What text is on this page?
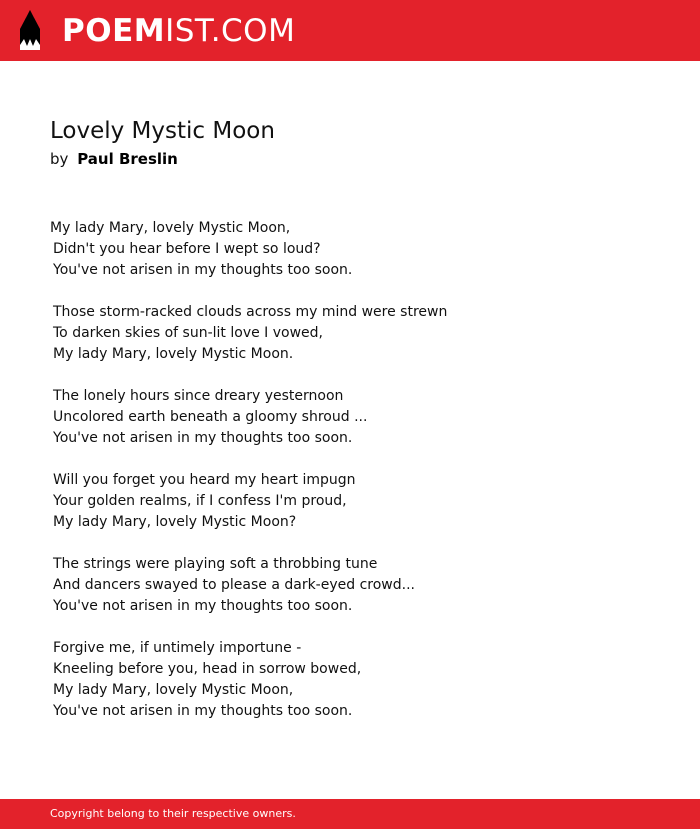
POEMIST.COM
Lovely Mystic Moon
by Paul Breslin
My lady Mary, lovely Mystic Moon,
Didn't you hear before I wept so loud?
You've not arisen in my thoughts too soon.
Those storm-racked clouds across my mind were strewn
To darken skies of sun-lit love I vowed,
My lady Mary, lovely Mystic Moon.
The lonely hours since dreary yesternoon
Uncolored earth beneath a gloomy shroud ...
You've not arisen in my thoughts too soon.
Will you forget you heard my heart impugn
Your golden realms, if I confess I'm proud,
My lady Mary, lovely Mystic Moon?
The strings were playing soft a throbbing tune
And dancers swayed to please a dark-eyed crowd...
You've not arisen in my thoughts too soon.
Forgive me, if untimely importune -
Kneeling before you, head in sorrow bowed,
My lady Mary, lovely Mystic Moon,
You've not arisen in my thoughts too soon.
Copyright belong to their respective owners.
